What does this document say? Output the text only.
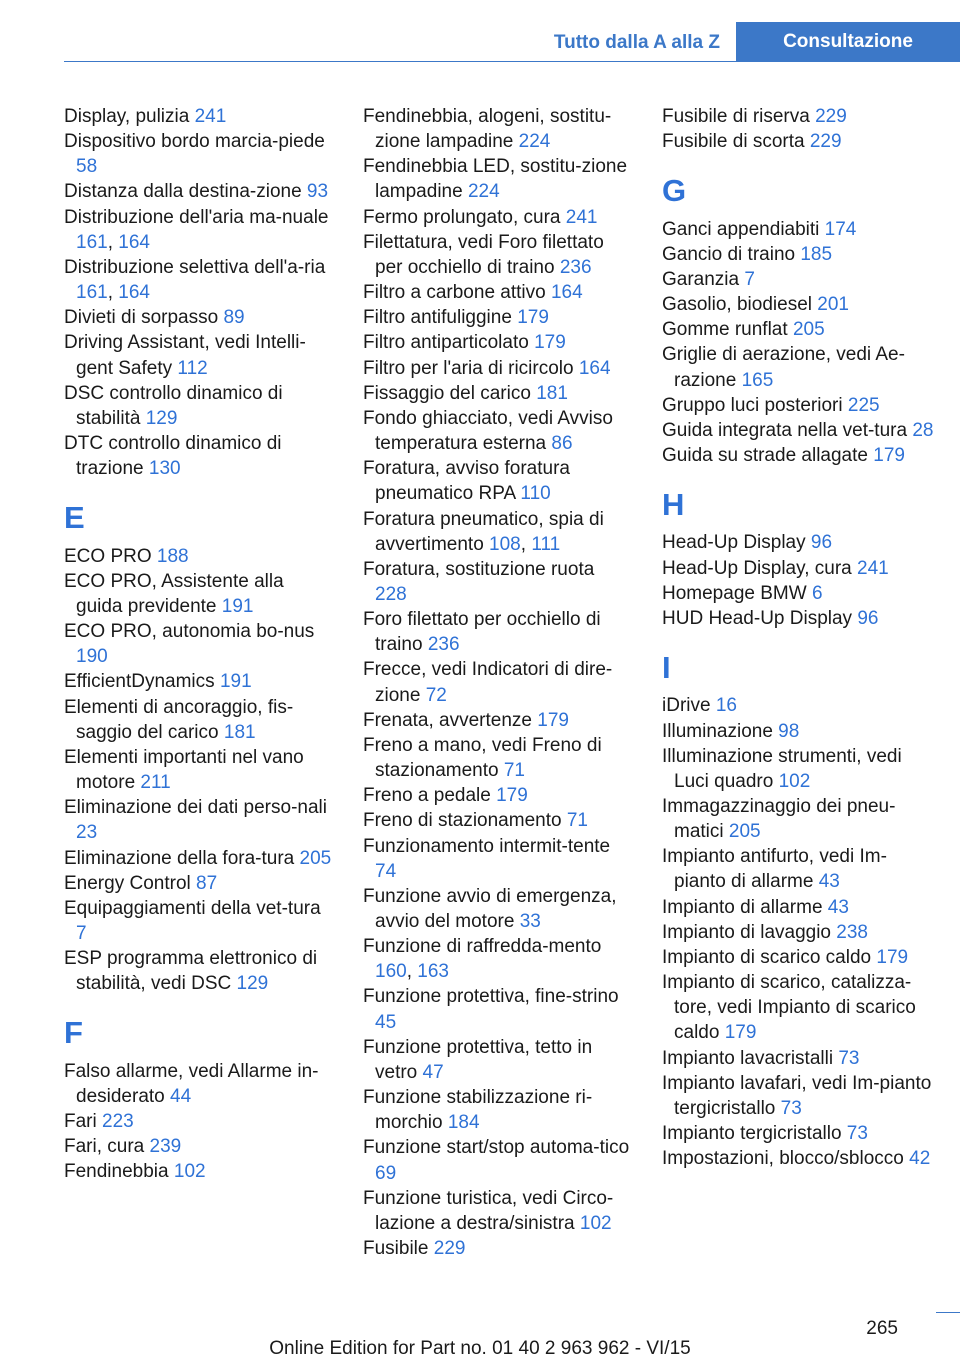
Tutto dalla A alla Z	Consultazione
Display, pulizia 241
Dispositivo bordo marcia-piede 58
Distanza dalla destina-zione 93
Distribuzione dell'aria ma-nuale 161, 164
Distribuzione selettiva dell'a-ria 161, 164
Divieti di sorpasso 89
Driving Assistant, vedi Intelli-gent Safety 112
DSC controllo dinamico di stabilità 129
DTC controllo dinamico di trazione 130
E
ECO PRO 188
ECO PRO, Assistente alla guida previdente 191
ECO PRO, autonomia bo-nus 190
EfficientDynamics 191
Elementi di ancoraggio, fis-saggio del carico 181
Elementi importanti nel vano motore 211
Eliminazione dei dati perso-nali 23
Eliminazione della fora-tura 205
Energy Control 87
Equipaggiamenti della vet-tura 7
ESP programma elettronico di stabilità, vedi DSC 129
F
Falso allarme, vedi Allarme in-desiderato 44
Fari 223
Fari, cura 239
Fendinebbia 102
Fendinebbia, alogeni, sostitu-zione lampadine 224
Fendinebbia LED, sostitu-zione lampadine 224
Fermo prolungato, cura 241
Filettatura, vedi Foro filettato per occhiello di traino 236
Filtro a carbone attivo 164
Filtro antifuliggine 179
Filtro antiparticolato 179
Filtro per l'aria di ricircolo 164
Fissaggio del carico 181
Fondo ghiacciato, vedi Avviso temperatura esterna 86
Foratura, avviso foratura pneumatico RPA 110
Foratura pneumatico, spia di avvertimento 108, 111
Foratura, sostituzione ruota 228
Foro filettato per occhiello di traino 236
Frecce, vedi Indicatori di dire-zione 72
Frenata, avvertenze 179
Freno a mano, vedi Freno di stazionamento 71
Freno a pedale 179
Freno di stazionamento 71
Funzionamento intermit-tente 74
Funzione avvio di emergenza, avvio del motore 33
Funzione di raffredda-mento 160, 163
Funzione protettiva, fine-strino 45
Funzione protettiva, tetto in vetro 47
Funzione stabilizzazione ri-morchio 184
Funzione start/stop automa-tico 69
Funzione turistica, vedi Circo-lazione a destra/sinistra 102
Fusibile 229
Fusibile di riserva 229
Fusibile di scorta 229
G
Ganci appendiabiti 174
Gancio di traino 185
Garanzia 7
Gasolio, biodiesel 201
Gomme runflat 205
Griglie di aerazione, vedi Ae-razione 165
Gruppo luci posteriori 225
Guida integrata nella vet-tura 28
Guida su strade allagate 179
H
Head-Up Display 96
Head-Up Display, cura 241
Homepage BMW 6
HUD Head-Up Display 96
I
iDrive 16
Illuminazione 98
Illuminazione strumenti, vedi Luci quadro 102
Immagazzinaggio dei pneu-matici 205
Impianto antifurto, vedi Im-pianto di allarme 43
Impianto di allarme 43
Impianto di lavaggio 238
Impianto di scarico caldo 179
Impianto di scarico, catalizza-tore, vedi Impianto di scarico caldo 179
Impianto lavacristalli 73
Impianto lavafari, vedi Im-pianto tergicristallo 73
Impianto tergicristallo 73
Impostazioni, blocco/sblocco 42
265
Online Edition for Part no. 01 40 2 963 962 - VI/15
